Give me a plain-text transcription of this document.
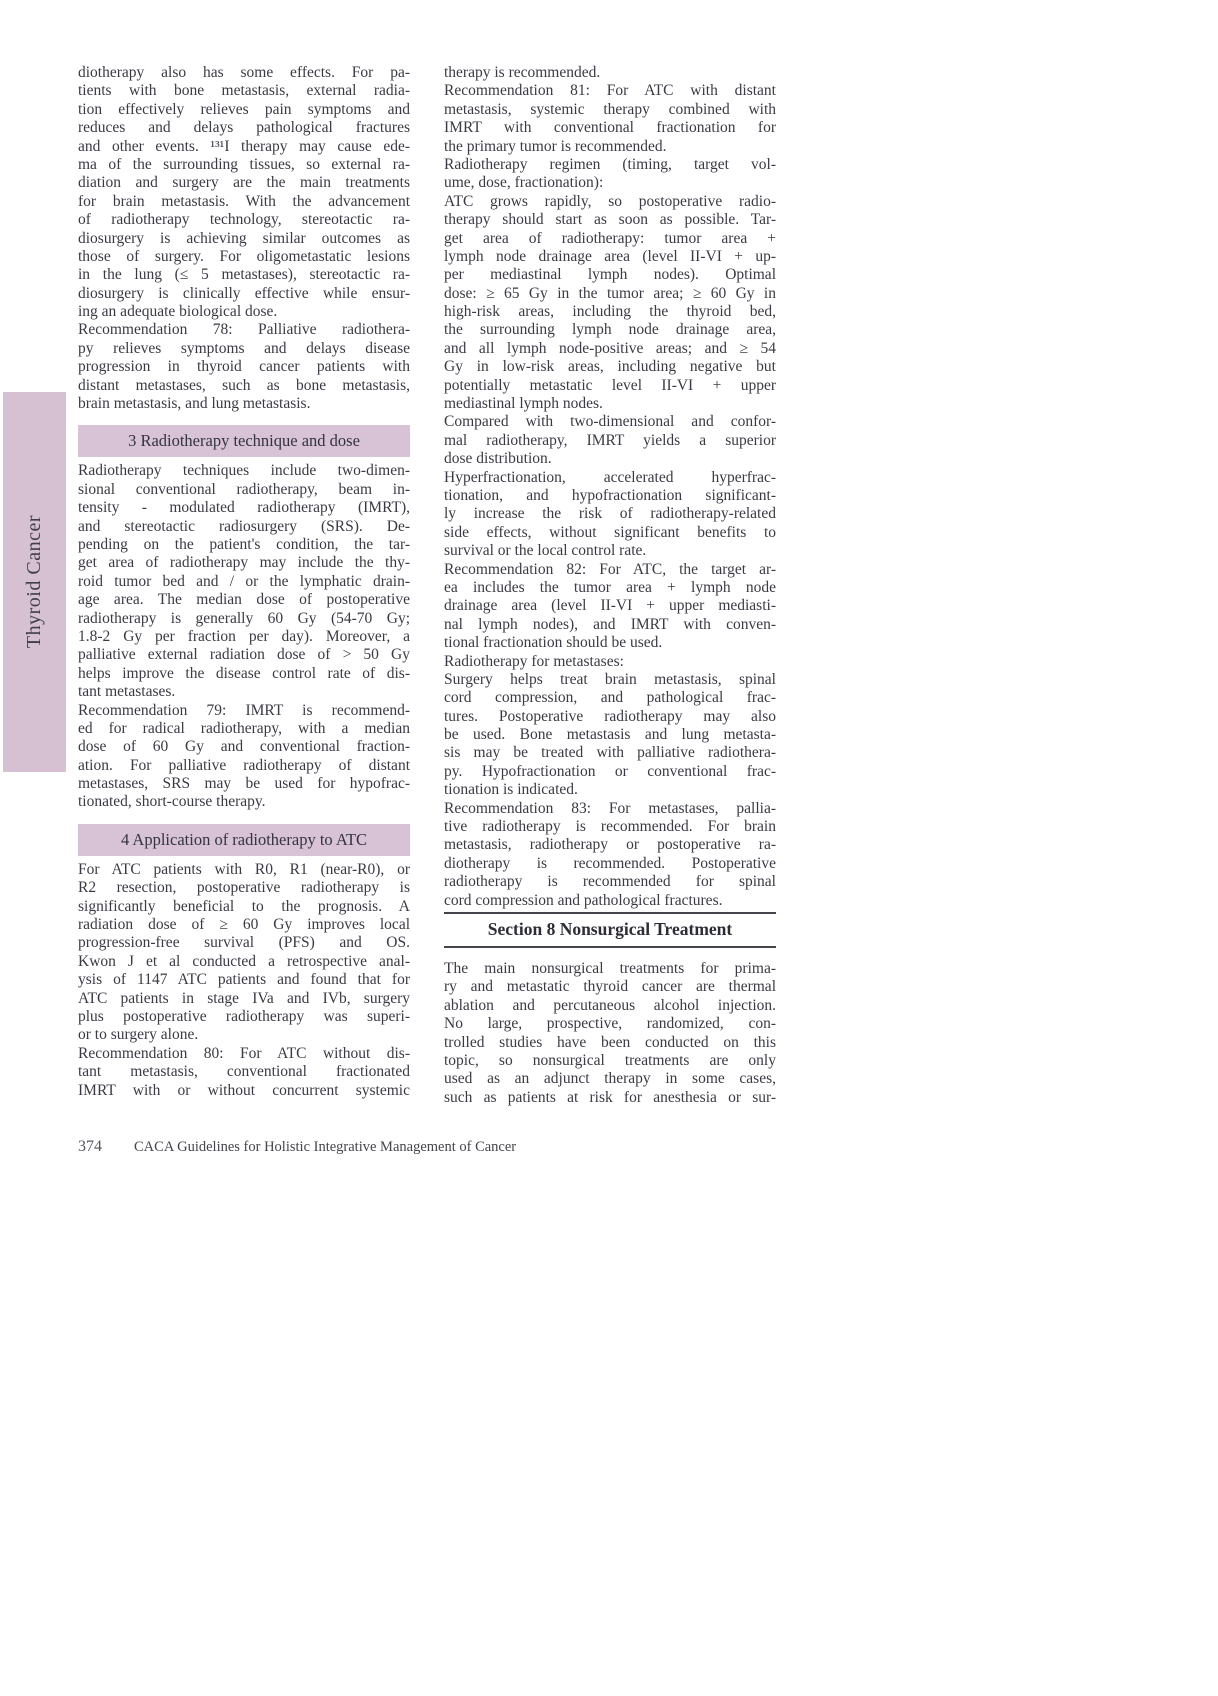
Thyroid Cancer
diotherapy also has some effects. For pa-
tients with bone metastasis, external radia-
tion effectively relieves pain symptoms and
reduces and delays pathological fractures
and other events. ¹³¹I therapy may cause ede-
ma of the surrounding tissues, so external ra-
diation and surgery are the main treatments
for brain metastasis. With the advancement
of radiotherapy technology, stereotactic ra-
diosurgery is achieving similar outcomes as
those of surgery. For oligometastatic lesions
in the lung (≤ 5 metastases), stereotactic ra-
diosurgery is clinically effective while ensur-
ing an adequate biological dose.
Recommendation 78: Palliative radiothera-
py relieves symptoms and delays disease
progression in thyroid cancer patients with
distant metastases, such as bone metastasis,
brain metastasis, and lung metastasis.
3 Radiotherapy technique and dose
Radiotherapy techniques include two-dimen-
sional conventional radiotherapy, beam in-
tensity - modulated radiotherapy (IMRT),
and stereotactic radiosurgery (SRS). De-
pending on the patient's condition, the tar-
get area of radiotherapy may include the thy-
roid tumor bed and / or the lymphatic drain-
age area. The median dose of postoperative
radiotherapy is generally 60 Gy (54-70 Gy;
1.8-2 Gy per fraction per day). Moreover, a
palliative external radiation dose of > 50 Gy
helps improve the disease control rate of dis-
tant metastases.
Recommendation 79: IMRT is recommend-
ed for radical radiotherapy, with a median
dose of 60 Gy and conventional fraction-
ation. For palliative radiotherapy of distant
metastases, SRS may be used for hypofrac-
tionated, short-course therapy.
4 Application of radiotherapy to ATC
For ATC patients with R0, R1 (near-R0), or
R2 resection, postoperative radiotherapy is
significantly beneficial to the prognosis. A
radiation dose of ≥ 60 Gy improves local
progression-free survival (PFS) and OS.
Kwon J et al conducted a retrospective anal-
ysis of 1147 ATC patients and found that for
ATC patients in stage IVa and IVb, surgery
plus postoperative radiotherapy was superi-
or to surgery alone.
Recommendation 80: For ATC without dis-
tant metastasis, conventional fractionated
IMRT with or without concurrent systemic
therapy is recommended.
Recommendation 81: For ATC with distant
metastasis, systemic therapy combined with
IMRT with conventional fractionation for
the primary tumor is recommended.
Radiotherapy regimen (timing, target vol-
ume, dose, fractionation):
ATC grows rapidly, so postoperative radio-
therapy should start as soon as possible. Tar-
get area of radiotherapy: tumor area +
lymph node drainage area (level II-VI + up-
per mediastinal lymph nodes). Optimal
dose: ≥ 65 Gy in the tumor area; ≥ 60 Gy in
high-risk areas, including the thyroid bed,
the surrounding lymph node drainage area,
and all lymph node-positive areas; and ≥ 54
Gy in low-risk areas, including negative but
potentially metastatic level II-VI + upper
mediastinal lymph nodes.
Compared with two-dimensional and confor-
mal radiotherapy, IMRT yields a superior
dose distribution.
Hyperfractionation, accelerated hyperfrac-
tionation, and hypofractionation significant-
ly increase the risk of radiotherapy-related
side effects, without significant benefits to
survival or the local control rate.
Recommendation 82: For ATC, the target ar-
ea includes the tumor area + lymph node
drainage area (level II-VI + upper mediasti-
nal lymph nodes), and IMRT with conven-
tional fractionation should be used.
Radiotherapy for metastases:
Surgery helps treat brain metastasis, spinal
cord compression, and pathological frac-
tures. Postoperative radiotherapy may also
be used. Bone metastasis and lung metasta-
sis may be treated with palliative radiothera-
py. Hypofractionation or conventional frac-
tionation is indicated.
Recommendation 83: For metastases, pallia-
tive radiotherapy is recommended. For brain
metastasis, radiotherapy or postoperative ra-
diotherapy is recommended. Postoperative
radiotherapy is recommended for spinal
cord compression and pathological fractures.
Section 8 Nonsurgical Treatment
The main nonsurgical treatments for prima-
ry and metastatic thyroid cancer are thermal
ablation and percutaneous alcohol injection.
No large, prospective, randomized, con-
trolled studies have been conducted on this
topic, so nonsurgical treatments are only
used as an adjunct therapy in some cases,
such as patients at risk for anesthesia or sur-
374 CACA Guidelines for Holistic Integrative Management of Cancer
